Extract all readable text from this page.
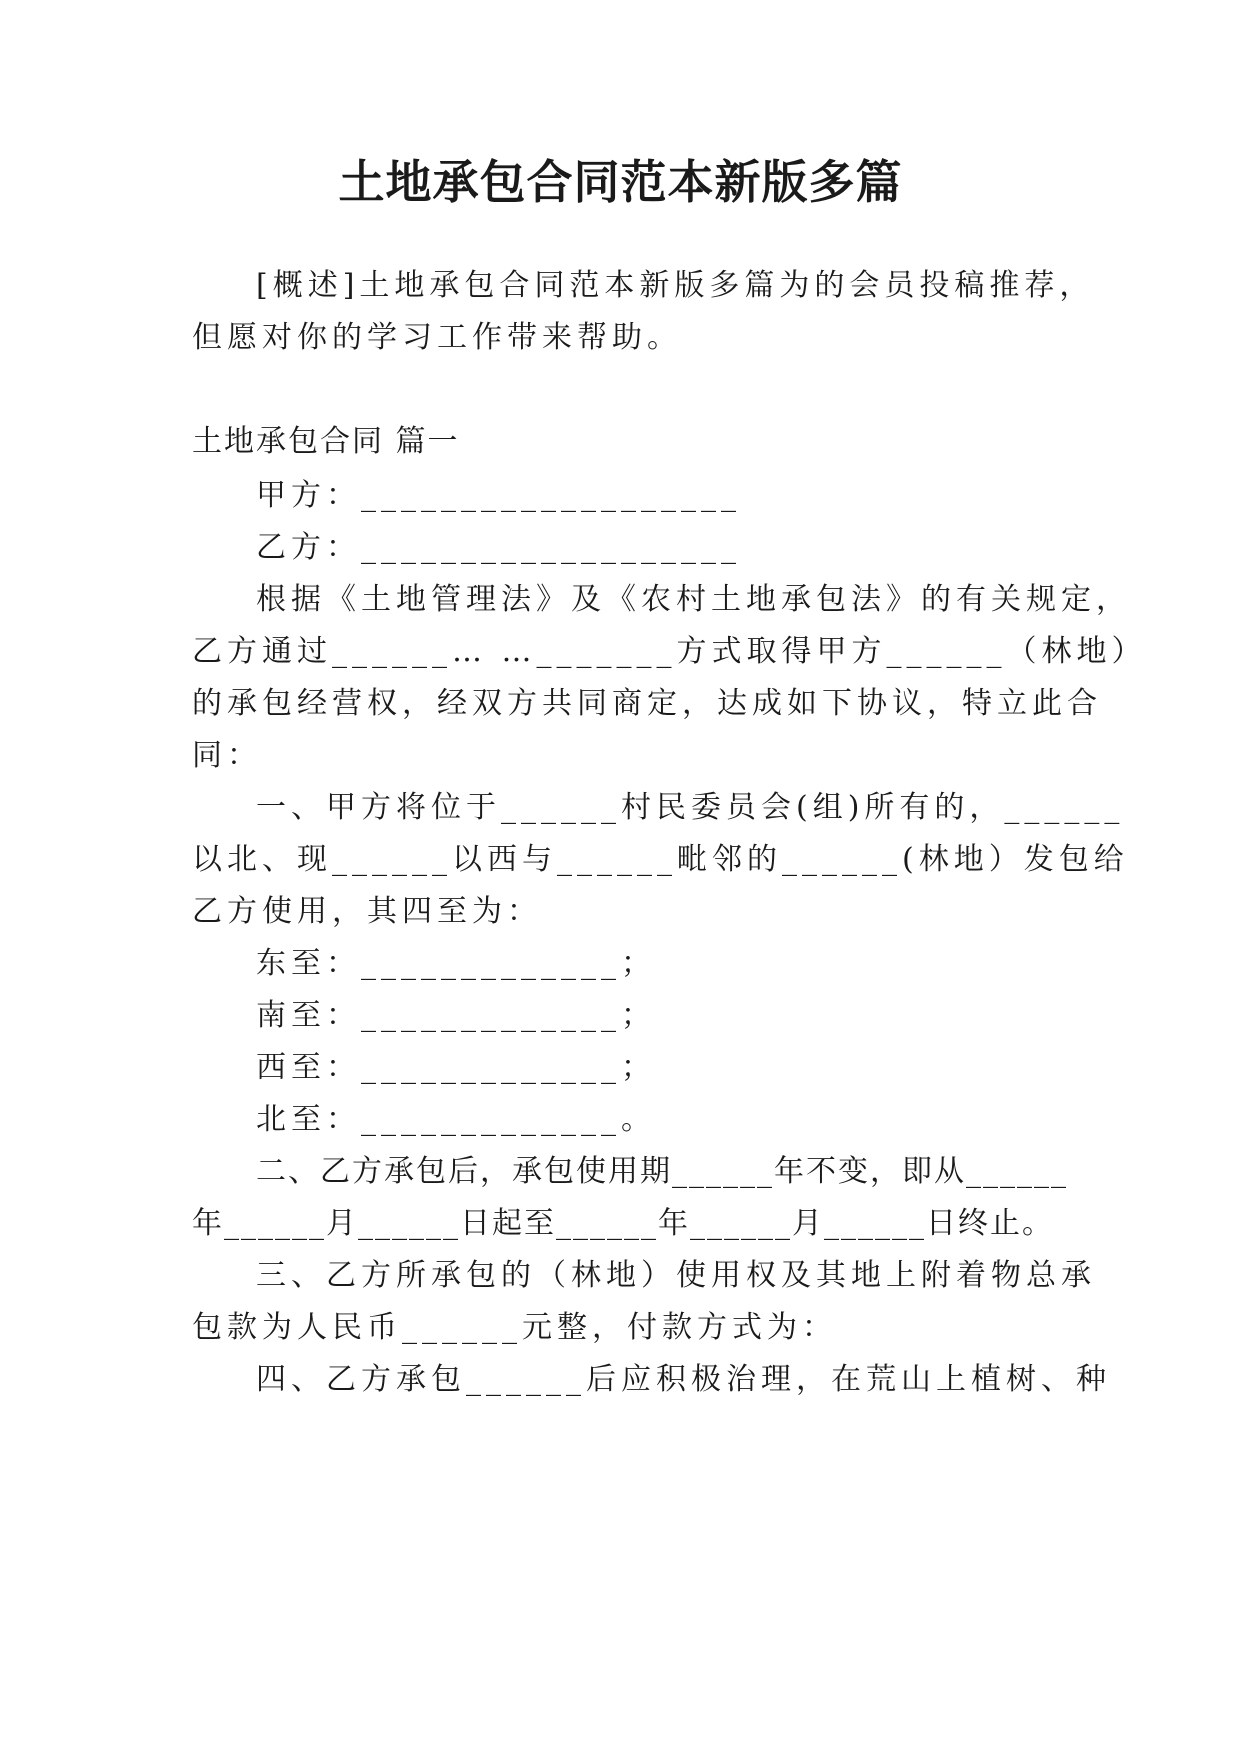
土地承包合同范本新版多篇

[概述]土地承包合同范本新版多篇为的会员投稿推荐，

但愿对你的学习工作带来帮助。

土地承包合同 篇一

甲方：___________________

乙方：___________________

根据《土地管理法》及《农村土地承包法》的有关规定，

乙方通过______… …_______方式取得甲方______（林地）

的承包经营权，经双方共同商定，达成如下协议，特立此合

同：

一、甲方将位于______村民委员会(组)所有的，______

以北、现______以西与______毗邻的______(林地）发包给

乙方使用，其四至为：

东至：_____________；

南至：_____________；

西至：_____________；

北至：_____________。

二、乙方承包后，承包使用期______年不变，即从______

年______月______日起至______年______月______日终止。

三、乙方所承包的（林地）使用权及其地上附着物总承

包款为人民币______元整，付款方式为：

四、乙方承包______后应积极治理，在荒山上植树、种
